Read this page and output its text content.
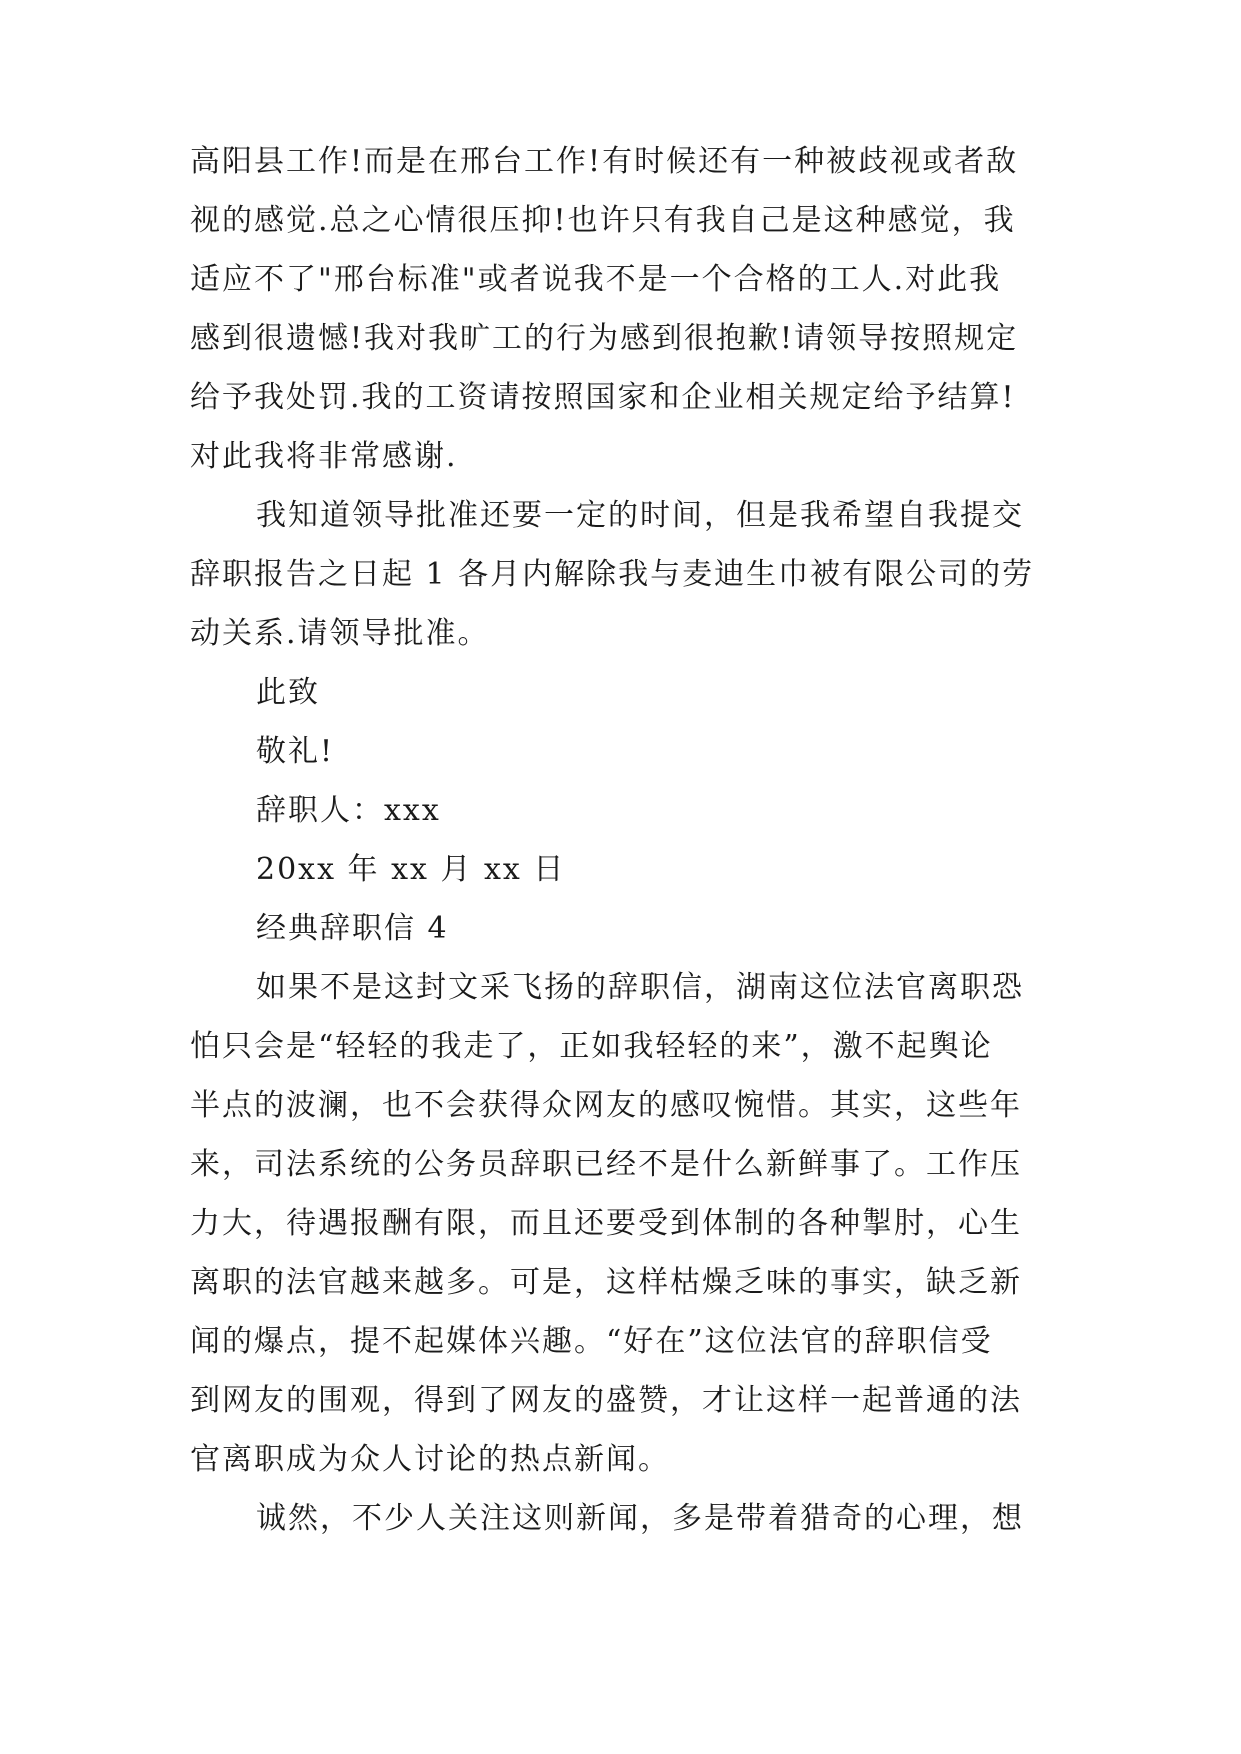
高阳县工作!而是在邢台工作!有时候还有一种被歧视或者敌
视的感觉.总之心情很压抑!也许只有我自己是这种感觉，我
适应不了"邢台标准"或者说我不是一个合格的工人.对此我
感到很遗憾!我对我旷工的行为感到很抱歉!请领导按照规定
给予我处罚.我的工资请按照国家和企业相关规定给予结算!
对此我将非常感谢.
我知道领导批准还要一定的时间，但是我希望自我提交
辞职报告之日起 1 各月内解除我与麦迪生巾被有限公司的劳
动关系.请领导批准。
此致
敬礼!
辞职人：xxx
20xx 年 xx 月 xx 日
经典辞职信 4
如果不是这封文采飞扬的辞职信，湖南这位法官离职恐
怕只会是“轻轻的我走了，正如我轻轻的来”，激不起舆论
半点的波澜，也不会获得众网友的感叹惋惜。其实，这些年
来，司法系统的公务员辞职已经不是什么新鲜事了。工作压
力大，待遇报酬有限，而且还要受到体制的各种掣肘，心生
离职的法官越来越多。可是，这样枯燥乏味的事实，缺乏新
闻的爆点，提不起媒体兴趣。“好在”这位法官的辞职信受
到网友的围观，得到了网友的盛赞，才让这样一起普通的法
官离职成为众人讨论的热点新闻。
诚然，不少人关注这则新闻，多是带着猎奇的心理，想
